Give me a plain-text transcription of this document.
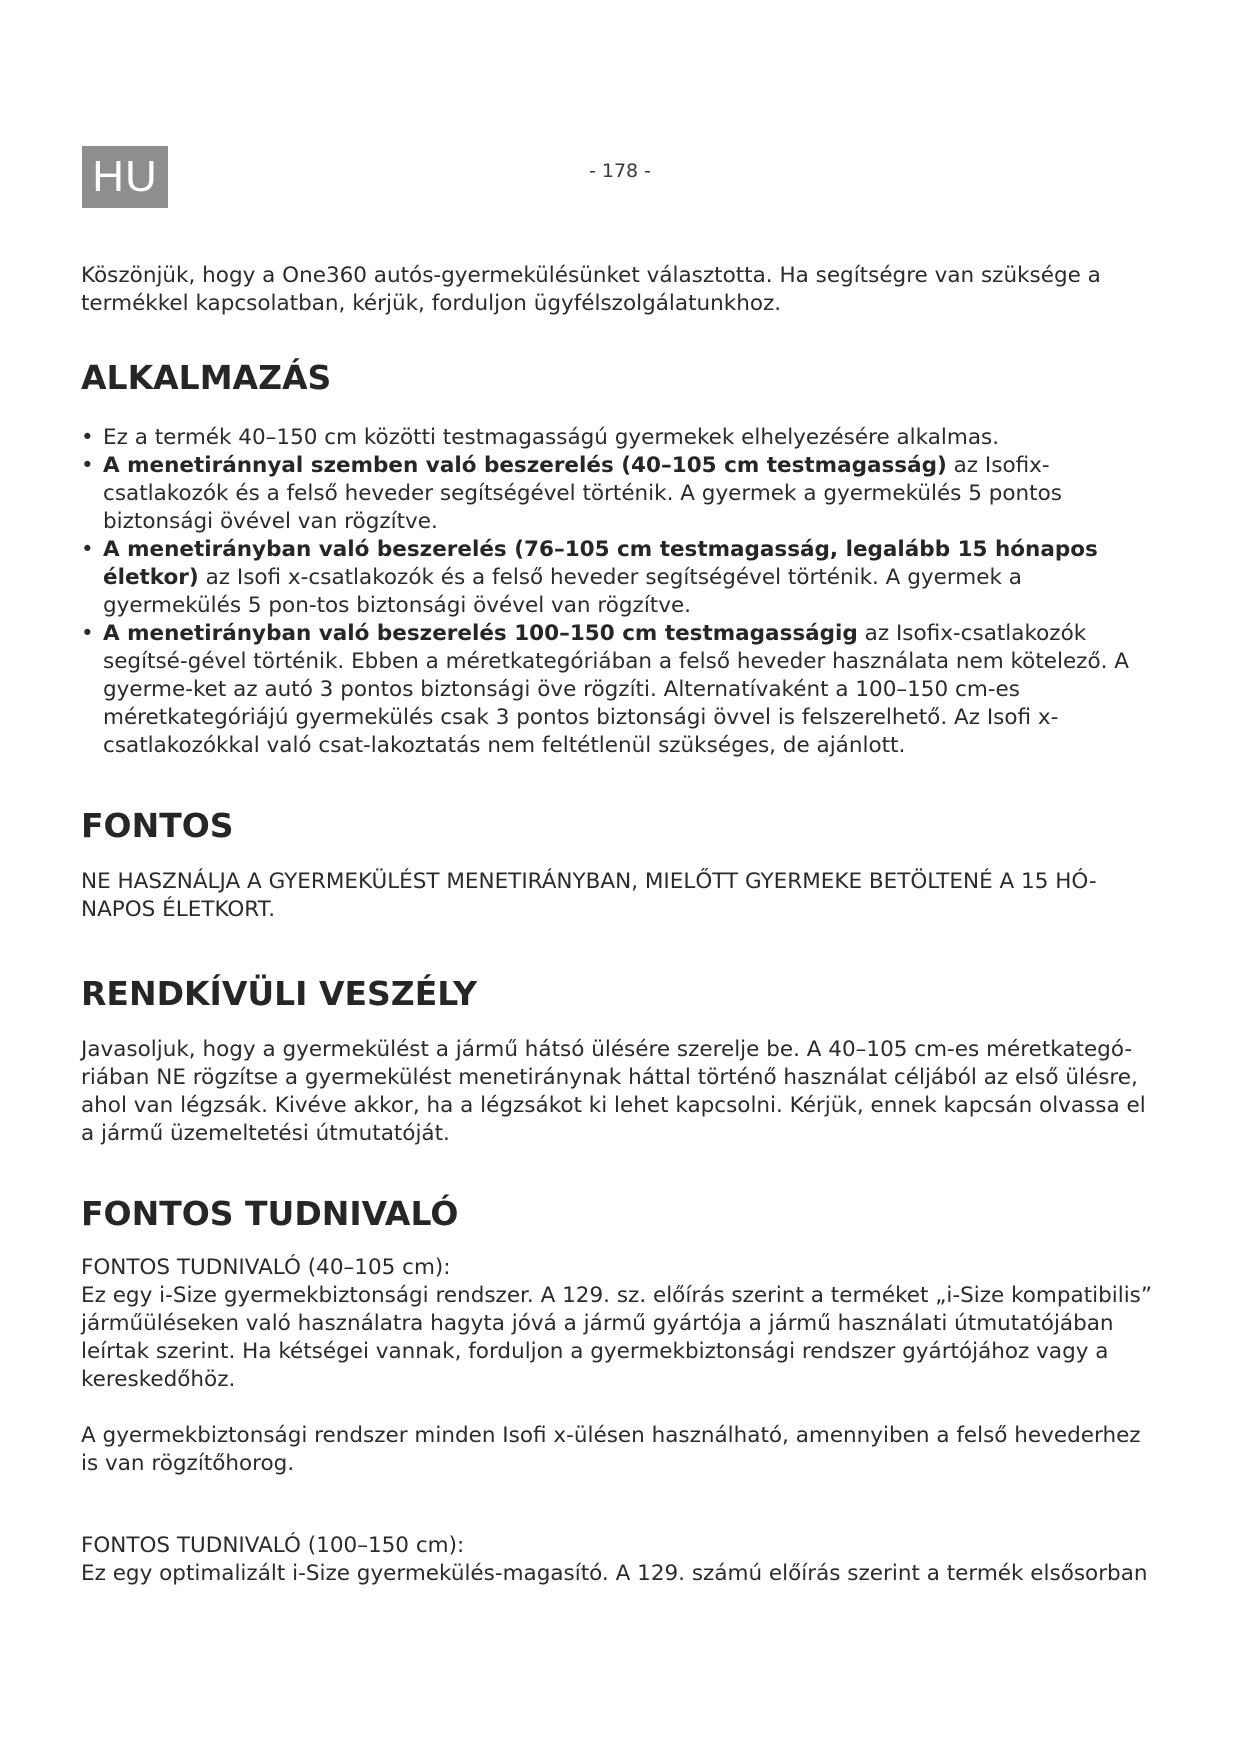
HU	- 178 -

Köszönjük, hogy a One360 autós-gyermekülésünket választotta. Ha segítségre van szüksége a termékkel kapcsolatban, kérjük, forduljon ügyfélszolgálatunkhoz.

ALKALMAZÁS
• Ez a termék 40–150 cm közötti testmagasságú gyermekek elhelyezésére alkalmas.
• A menetiránnyal szemben való beszerelés (40–105 cm testmagasság) az Isofix-csatlakozók és a felső heveder segítségével történik. A gyermek a gyermekülés 5 pontos biztonsági övével van rögzítve.
• A menetirányban való beszerelés (76–105 cm testmagasság, legalább 15 hónapos életkor) az Isofi x-csatlakozók és a felső heveder segítségével történik. A gyermek a gyermekülés 5 pon-tos biztonsági övével van rögzítve.
• A menetirányban való beszerelés 100–150 cm testmagasságig az Isofix-csatlakozók segítsé-gével történik. Ebben a méretkategóriában a felső heveder használata nem kötelező. A gyerme-ket az autó 3 pontos biztonsági öve rögzíti. Alternatívaként a 100–150 cm-es méretkategóriájú gyermekülés csak 3 pontos biztonsági övvel is felszerelhető. Az Isofi x-csatlakozókkal való csat-lakoztatás nem feltétlenül szükséges, de ajánlott.
FONTOS

NE HASZNÁLJA A GYERMEKÜLÉST MENETIRÁNYBAN, MIELŐTT GYERMEKE BETÖLTENÉ A 15 HÓ-NAPOS ÉLETKORT.

RENDKÍVÜLI VESZÉLY

Javasoljuk, hogy a gyermekülést a jármű hátsó ülésére szerelje be. A 40–105 cm-es méretkategó-riában NE rögzítse a gyermekülést menetiránynak háttal történő használat céljából az első ülésre, ahol van légzsák. Kivéve akkor, ha a légzsákot ki lehet kapcsolni. Kérjük, ennek kapcsán olvassa el a jármű üzemeltetési útmutatóját.

FONTOS TUDNIVALÓ

FONTOS TUDNIVALÓ (40–105 cm):

Ez egy i-Size gyermekbiztonsági rendszer. A 129. sz. előírás szerint a terméket „i-Size kompatibilis” járműüléseken való használatra hagyta jóvá a jármű gyártója a jármű használati útmutatójában leírtak szerint. Ha kétségei vannak, forduljon a gyermekbiztonsági rendszer gyártójához vagy a kereskedőhöz.

A gyermekbiztonsági rendszer minden Isofi x-ülésen használható, amennyiben a felső hevederhez is van rögzítőhorog.

FONTOS TUDNIVALÓ (100–150 cm):

Ez egy optimalizált i-Size gyermekülés-magasító. A 129. számú előírás szerint a termék elsősorban
